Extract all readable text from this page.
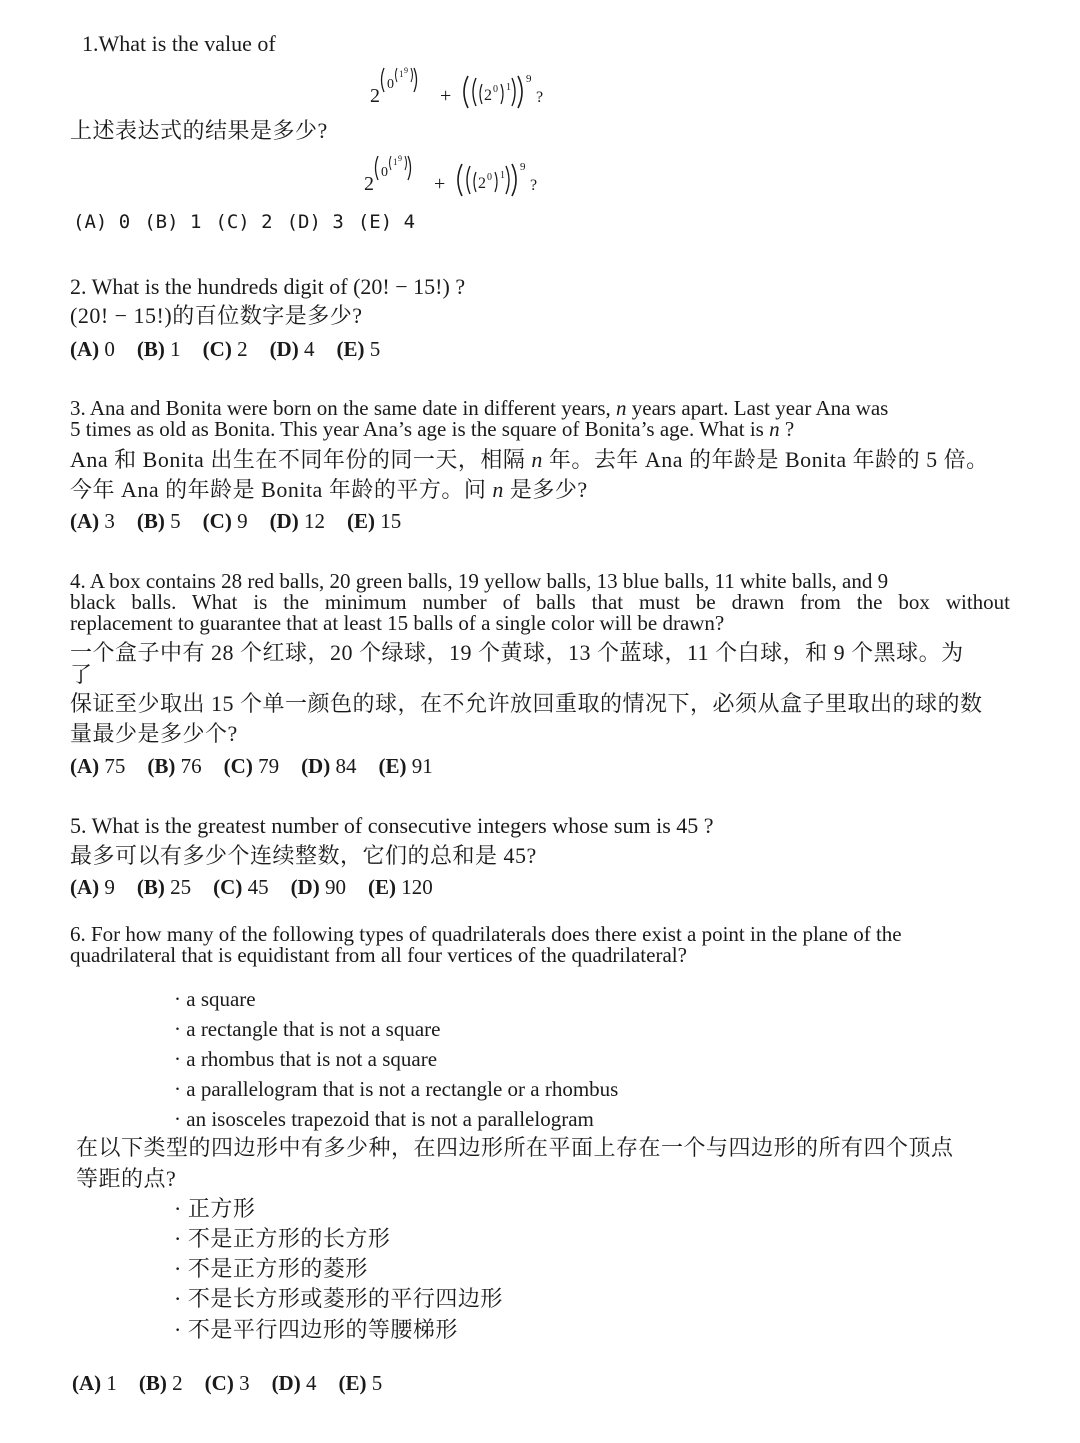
1.What is the value of
2
0
1 9
+ 2 0 1
9
?
上述表达式的结果是多少?
2
0
1 9
+ 2 0 1
9
?
(A) 0 (B) 1 (C) 2 (D) 3 (E) 4
2. What is the hundreds digit of (20! − 15!) ?
(20! − 15!)的百位数字是多少?
(A) 0 (B) 1 (C) 2 (D) 4 (E) 5
3. Ana and Bonita were born on the same date in different years, n years apart. Last year Ana was
5 times as old as Bonita. This year Ana’s age is the square of Bonita’s age. What is n ?
Ana 和 Bonita 出生在不同年份的同一天，相隔 n 年。去年 Ana 的年龄是 Bonita 年龄的 5 倍。
今年 Ana 的年龄是 Bonita 年龄的平方。问 n 是多少?
(A) 3 (B) 5 (C) 9 (D) 12 (E) 15
4. A box contains 28 red balls, 20 green balls, 19 yellow balls, 13 blue balls, 11 white balls, and 9
black balls. What is the minimum number of balls that must be drawn from the box without
replacement to guarantee that at least 15 balls of a single color will be drawn?
一个盒子中有 28 个红球，20 个绿球，19 个黄球，13 个蓝球，11 个白球，和 9 个黑球。为
了
保证至少取出 15 个单一颜色的球，在不允许放回重取的情况下，必须从盒子里取出的球的数
量最少是多少个?
(A) 75 (B) 76 (C) 79 (D) 84 (E) 91
5. What is the greatest number of consecutive integers whose sum is 45 ?
最多可以有多少个连续整数，它们的总和是 45?
(A) 9 (B) 25 (C) 45 (D) 90 (E) 120
6. For how many of the following types of quadrilaterals does there exist a point in the plane of the
quadrilateral that is equidistant from all four vertices of the quadrilateral?
· a square
· a rectangle that is not a square
· a rhombus that is not a square
· a parallelogram that is not a rectangle or a rhombus
· an isosceles trapezoid that is not a parallelogram
在以下类型的四边形中有多少种，在四边形所在平面上存在一个与四边形的所有四个顶点
等距的点?
· 正方形
· 不是正方形的长方形
· 不是正方形的菱形
· 不是长方形或菱形的平行四边形
· 不是平行四边形的等腰梯形
(A) 1 (B) 2 (C) 3 (D) 4 (E) 5
2^(0^(1^9)) + ((2^0)^1)^9 ?
